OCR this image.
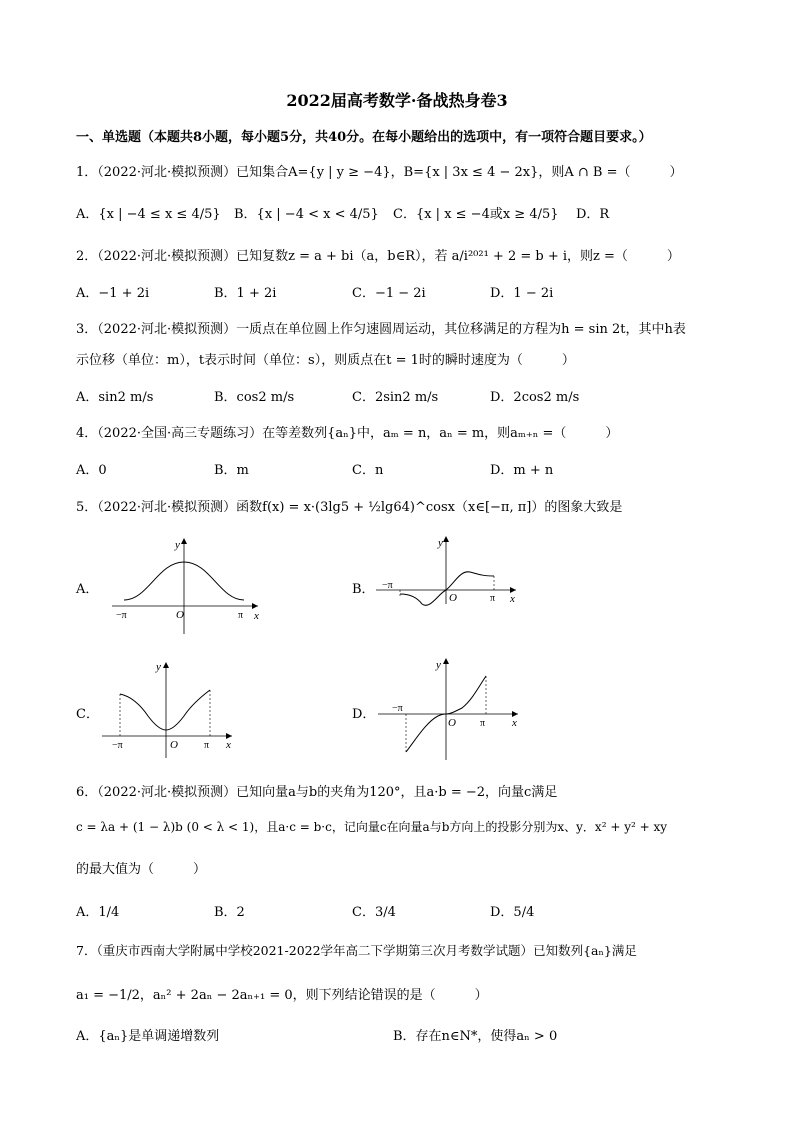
2022届高考数学·备战热身卷3
一、单选题（本题共8小题，每小题5分，共40分。在每小题给出的选项中，有一项符合题目要求。）
1．（2022·河北·模拟预测）已知集合A={y | y ≥ −4}，B={x | 3x ≤ 4 − 2x}，则A ∩ B =（　　　）
A．{x | −4 ≤ x ≤ 4/5} B．{x | −4 < x < 4/5} C．{x | x ≤ −4或x ≥ 4/5} D．R
2．（2022·河北·模拟预测）已知复数z = a + bi（a，b∈R），若 a/i²⁰²¹ + 2 = b + i，则z =（　　　）
A．−1 + 2i	B．1 + 2i	C．−1 − 2i	D．1 − 2i
3．（2022·河北·模拟预测）一质点在单位圆上作匀速圆周运动，其位移满足的方程为h = sin 2t，其中h表
示位移（单位：m），t表示时间（单位：s），则质点在t = 1时的瞬时速度为（　　　）
A．sin2 m/s	B．cos2 m/s	C．2sin2 m/s	D．2cos2 m/s
4．（2022·全国·高三专题练习）在等差数列{aₙ}中，aₘ = n，aₙ = m，则aₘ₊ₙ =（　　　）
A．0	B．m	C．n	D．m + n
5．（2022·河北·模拟预测）函数f(x) = x·(3lg5 + ½lg64)^cosx（x∈[−π, π]）的图象大致是
A．
y
x
O
−π	π
B．
y
x
O
−π
π
C．
y
x
O
−π	π
D．
y
x
O
−π
π
6．（2022·河北·模拟预测）已知向量a与b的夹角为120°，且a·b = −2，向量c满足
c = λa + (1 − λ)b (0 < λ < 1)，且a·c = b·c，记向量c在向量a与b方向上的投影分别为x、y．x² + y² + xy
的最大值为（　　　）
A．1/4	B．2	C．3/4	D．5/4
7．（重庆市西南大学附属中学校2021-2022学年高二下学期第三次月考数学试题）已知数列{aₙ}满足
a₁ = −1/2，aₙ² + 2aₙ − 2aₙ₊₁ = 0，则下列结论错误的是（　　　）
A．{aₙ}是单调递增数列	B．存在n∈N*，使得aₙ > 0
